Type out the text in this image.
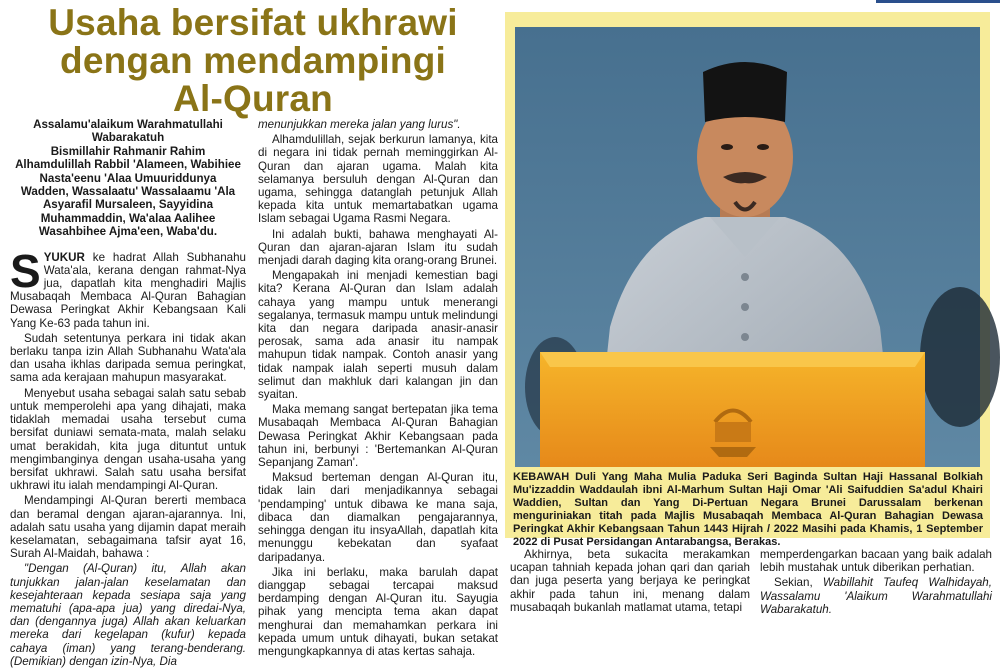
Usaha bersifat ukhrawi
dengan mendampingi
Al-Quran
Assalamu'alaikum Warahmatullahi
Wabarakatuh
Bismillahir Rahmanir Rahim
Alhamdulillah Rabbil 'Alameen, Wabihiee
Nasta'eenu 'Alaa Umuuriddunya
Wadden, Wassalaatu' Wassalaamu 'Ala
Asyarafil Mursaleen, Sayyidina
Muhammaddin, Wa'alaa Aalihee
Wasahbihee Ajma'een, Waba'du.

SYUKUR ke hadrat Allah Subhanahu Wata'ala, kerana dengan rahmat-Nya jua, dapatlah kita menghadiri Majlis Musabaqah Membaca Al-Quran Bahagian Dewasa Peringkat Akhir Kebangsaan Kali Yang Ke-63 pada tahun ini.

Sudah setentunya perkara ini tidak akan berlaku tanpa izin Allah Subhanahu Wata'ala dan usaha ikhlas daripada semua peringkat, sama ada kerajaan mahupun masyarakat.

Menyebut usaha sebagai salah satu sebab untuk memperolehi apa yang dihajati, maka tidaklah memadai usaha tersebut cuma bersifat duniawi semata-mata, malah selaku umat berakidah, kita juga dituntut untuk mengimbanginya dengan usaha-usaha yang bersifat ukhrawi. Salah satu usaha bersifat ukhrawi itu ialah mendampingi Al-Quran.

Mendampingi Al-Quran bererti membaca dan beramal dengan ajaran-ajarannya. Ini, adalah satu usaha yang dijamin dapat meraih keselamatan, sebagaimana tafsir ayat 16, Surah Al-Maidah, bahawa :

"Dengan (Al-Quran) itu, Allah akan tunjukkan jalan-jalan keselamatan dan kesejahteraan kepada sesiapa saja yang mematuhi (apa-apa jua) yang diredai-Nya, dan (dengannya juga) Allah akan keluarkan mereka dari kegelapan (kufur) kepada cahaya (iman) yang terang-benderang. (Demikian) dengan izin-Nya, Dia

menunjukkan mereka jalan yang lurus".

Alhamdulillah, sejak berkurun lamanya, kita di negara ini tidak pernah meminggirkan Al-Quran dan ajaran ugama. Malah kita selamanya bersuluh dengan Al-Quran dan ugama, sehingga datanglah petunjuk Allah kepada kita untuk memartabatkan ugama Islam sebagai Ugama Rasmi Negara.

Ini adalah bukti, bahawa menghayati Al-Quran dan ajaran-ajaran Islam itu sudah menjadi darah daging kita orang-orang Brunei.

Mengapakah ini menjadi kemestian bagi kita? Kerana Al-Quran dan Islam adalah cahaya yang mampu untuk menerangi segalanya, termasuk mampu untuk melindungi kita dan negara daripada anasir-anasir perosak, sama ada anasir itu nampak mahupun tidak nampak. Contoh anasir yang tidak nampak ialah seperti musuh dalam selimut dan makhluk dari kalangan jin dan syaitan.

Maka memang sangat bertepatan jika tema Musabaqah Membaca Al-Quran Bahagian Dewasa Peringkat Akhir Kebangsaan pada tahun ini, berbunyi : 'Bertemankan Al-Quran Sepanjang Zaman'.

Maksud berteman dengan Al-Quran itu, tidak lain dari menjadikannya sebagai 'pendamping' untuk dibawa ke mana saja, dibaca dan diamalkan pengajarannya, sehingga dengan itu insyaAllah, dapatlah kita menunggu kebekatan dan syafaat daripadanya.

Jika ini berlaku, maka barulah dapat dianggap sebagai tercapai maksud berdamping dengan Al-Quran itu. Sayugia pihak yang mencipta tema akan dapat menghurai dan memahamkan perkara ini kepada umum untuk dihayati, bukan setakat mengungkapkannya di atas kertas sahaja.

KEBAWAH Duli Yang Maha Mulia Paduka Seri Baginda Sultan Haji Hassanal Bolkiah Mu'izzaddin Waddaulah ibni Al-Marhum Sultan Haji Omar 'Ali Saifuddien Sa'adul Khairi Waddien, Sultan dan Yang Di-Pertuan Negara Brunei Darussalam berkenan menguriniakan titah pada Majlis Musabaqah Membaca Al-Quran Bahagian Dewasa Peringkat Akhir Kebangsaan Tahun 1443 Hijrah / 2022 Masihi pada Khamis, 1 September 2022 di Pusat Persidangan Antarabangsa, Berakas.

Akhirnya, beta sukacita merakamkan ucapan tahniah kepada johan qari dan qariah dan juga peserta yang berjaya ke peringkat akhir pada tahun ini, menang dalam musabaqah bukanlah matlamat utama, tetapi

memperdengarkan bacaan yang baik adalah lebih mustahak untuk diberikan perhatian.

Sekian, Wabillahit Taufeq Walhidayah, Wassalamu 'Alaikum Warahmatullahi Wabarakatuh.
